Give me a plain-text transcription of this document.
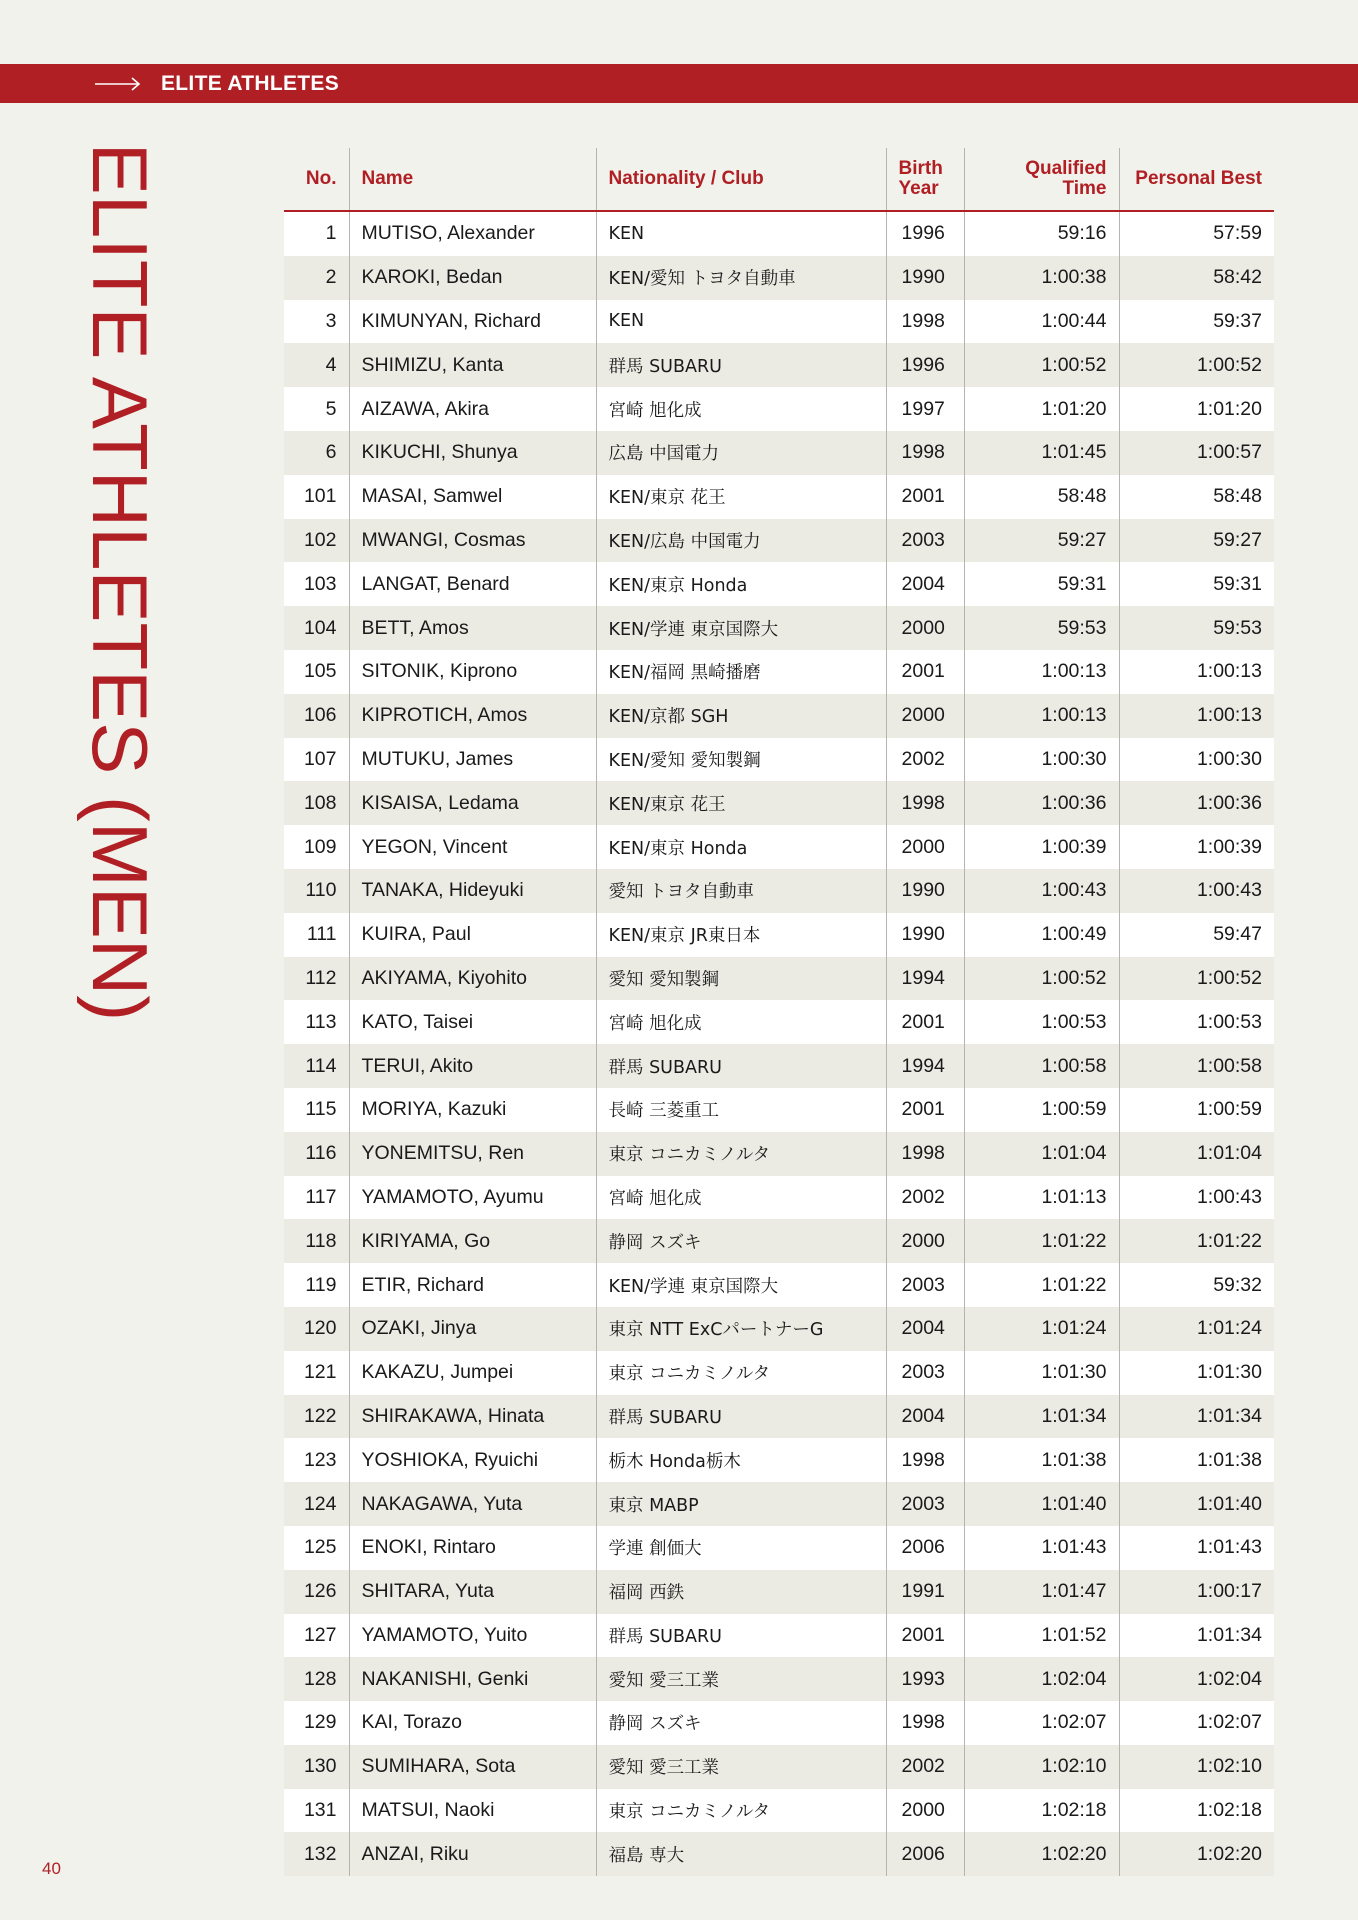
ELITE ATHLETES
ELITE ATHLETES (MEN)	No.	Name	Nationality / Club	Birth Year	Qualified Time	Personal Best
1	MUTISO, Alexander	KEN	1996	59:16	57:59
2	KAROKI, Bedan	KEN/愛知 トヨタ自動車	1990	1:00:38	58:42
3	KIMUNYAN, Richard	KEN	1998	1:00:44	59:37
4	SHIMIZU, Kanta	群馬 SUBARU	1996	1:00:52	1:00:52
5	AIZAWA, Akira	宮崎 旭化成	1997	1:01:20	1:01:20
6	KIKUCHI, Shunya	広島 中国電力	1998	1:01:45	1:00:57
101	MASAI, Samwel	KEN/東京 花王	2001	58:48	58:48
102	MWANGI, Cosmas	KEN/広島 中国電力	2003	59:27	59:27
103	LANGAT, Benard	KEN/東京 Honda	2004	59:31	59:31
104	BETT, Amos	KEN/学連 東京国際大	2000	59:53	59:53
105	SITONIK, Kiprono	KEN/福岡 黒崎播磨	2001	1:00:13	1:00:13
106	KIPROTICH, Amos	KEN/京都 SGH	2000	1:00:13	1:00:13
107	MUTUKU, James	KEN/愛知 愛知製鋼	2002	1:00:30	1:00:30
108	KISAISA, Ledama	KEN/東京 花王	1998	1:00:36	1:00:36
109	YEGON, Vincent	KEN/東京 Honda	2000	1:00:39	1:00:39
110	TANAKA, Hideyuki	愛知 トヨタ自動車	1990	1:00:43	1:00:43
111	KUIRA, Paul	KEN/東京 JR東日本	1990	1:00:49	59:47
112	AKIYAMA, Kiyohito	愛知 愛知製鋼	1994	1:00:52	1:00:52
113	KATO, Taisei	宮崎 旭化成	2001	1:00:53	1:00:53
114	TERUI, Akito	群馬 SUBARU	1994	1:00:58	1:00:58
115	MORIYA, Kazuki	長崎 三菱重工	2001	1:00:59	1:00:59
116	YONEMITSU, Ren	東京 コニカミノルタ	1998	1:01:04	1:01:04
117	YAMAMOTO, Ayumu	宮崎 旭化成	2002	1:01:13	1:00:43
118	KIRIYAMA, Go	静岡 スズキ	2000	1:01:22	1:01:22
119	ETIR, Richard	KEN/学連 東京国際大	2003	1:01:22	59:32
120	OZAKI, Jinya	東京 NTT ExCパートナーG	2004	1:01:24	1:01:24
121	KAKAZU, Jumpei	東京 コニカミノルタ	2003	1:01:30	1:01:30
122	SHIRAKAWA, Hinata	群馬 SUBARU	2004	1:01:34	1:01:34
123	YOSHIOKA, Ryuichi	栃木 Honda栃木	1998	1:01:38	1:01:38
124	NAKAGAWA, Yuta	東京 MABP	2003	1:01:40	1:01:40
125	ENOKI, Rintaro	学連 創価大	2006	1:01:43	1:01:43
126	SHITARA, Yuta	福岡 西鉄	1991	1:01:47	1:00:17
127	YAMAMOTO, Yuito	群馬 SUBARU	2001	1:01:52	1:01:34
128	NAKANISHI, Genki	愛知 愛三工業	1993	1:02:04	1:02:04
129	KAI, Torazo	静岡 スズキ	1998	1:02:07	1:02:07
130	SUMIHARA, Sota	愛知 愛三工業	2002	1:02:10	1:02:10
131	MATSUI, Naoki	東京 コニカミノルタ	2000	1:02:18	1:02:18
132	ANZAI, Riku	福島 専大	2006	1:02:20	1:02:20
40
